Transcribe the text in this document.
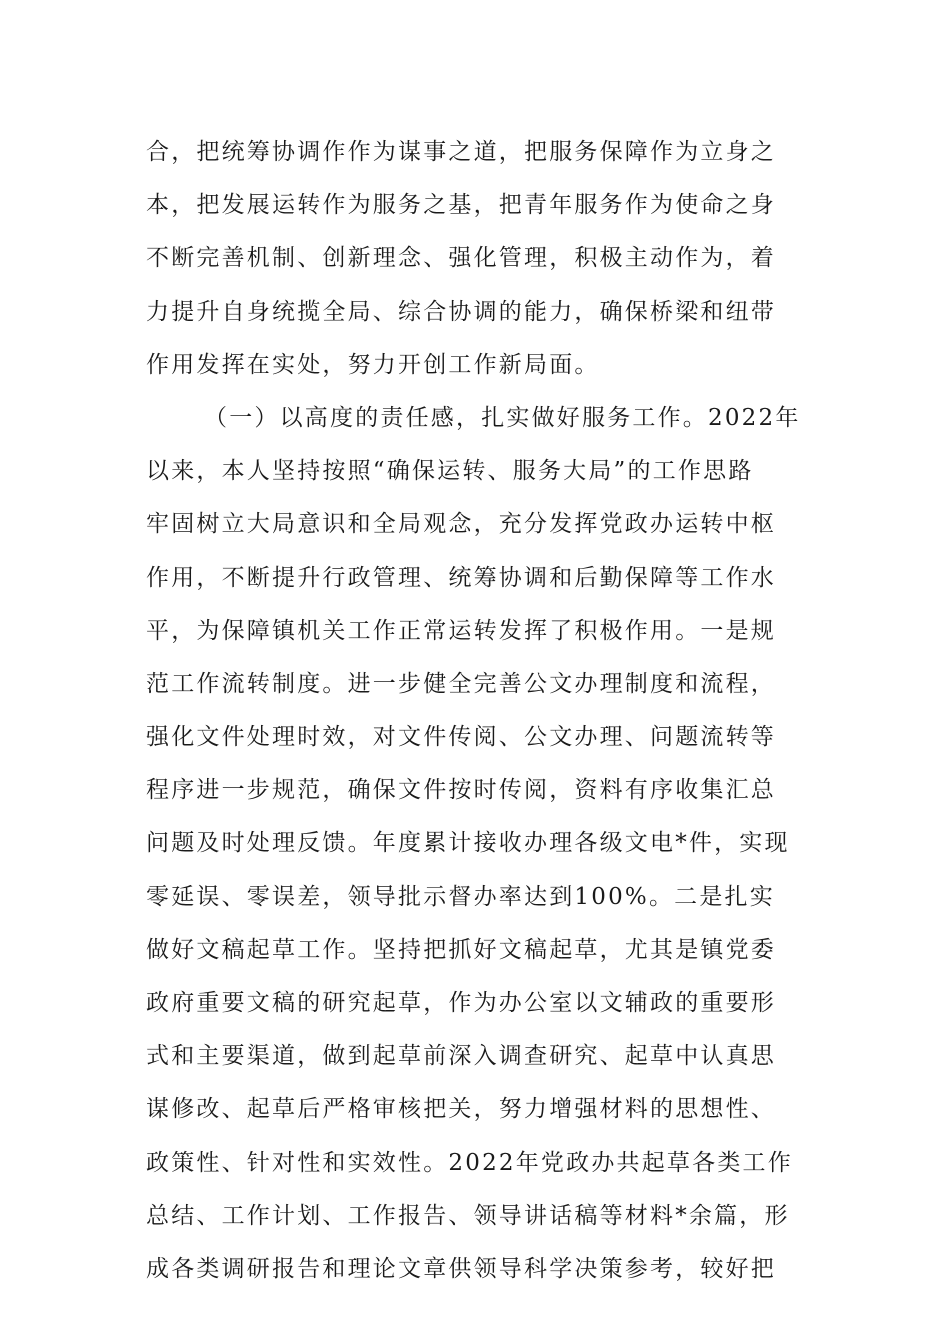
合，把统筹协调作作为谋事之道，把服务保障作为立身之
本，把发展运转作为服务之基，把青年服务作为使命之身
不断完善机制、创新理念、强化管理，积极主动作为，着
力提升自身统揽全局、综合协调的能力，确保桥梁和纽带
作用发挥在实处，努力开创工作新局面。
（一）以高度的责任感，扎实做好服务工作。2022年
以来，本人坚持按照“确保运转、服务大局”的工作思路
牢固树立大局意识和全局观念，充分发挥党政办运转中枢
作用，不断提升行政管理、统筹协调和后勤保障等工作水
平，为保障镇机关工作正常运转发挥了积极作用。一是规
范工作流转制度。进一步健全完善公文办理制度和流程，
强化文件处理时效，对文件传阅、公文办理、问题流转等
程序进一步规范，确保文件按时传阅，资料有序收集汇总
问题及时处理反馈。年度累计接收办理各级文电*件，实现
零延误、零误差，领导批示督办率达到100%。二是扎实
做好文稿起草工作。坚持把抓好文稿起草，尤其是镇党委
政府重要文稿的研究起草，作为办公室以文辅政的重要形
式和主要渠道，做到起草前深入调查研究、起草中认真思
谋修改、起草后严格审核把关，努力增强材料的思想性、
政策性、针对性和实效性。2022年党政办共起草各类工作
总结、工作计划、工作报告、领导讲话稿等材料*余篇，形
成各类调研报告和理论文章供领导科学决策参考，较好把
